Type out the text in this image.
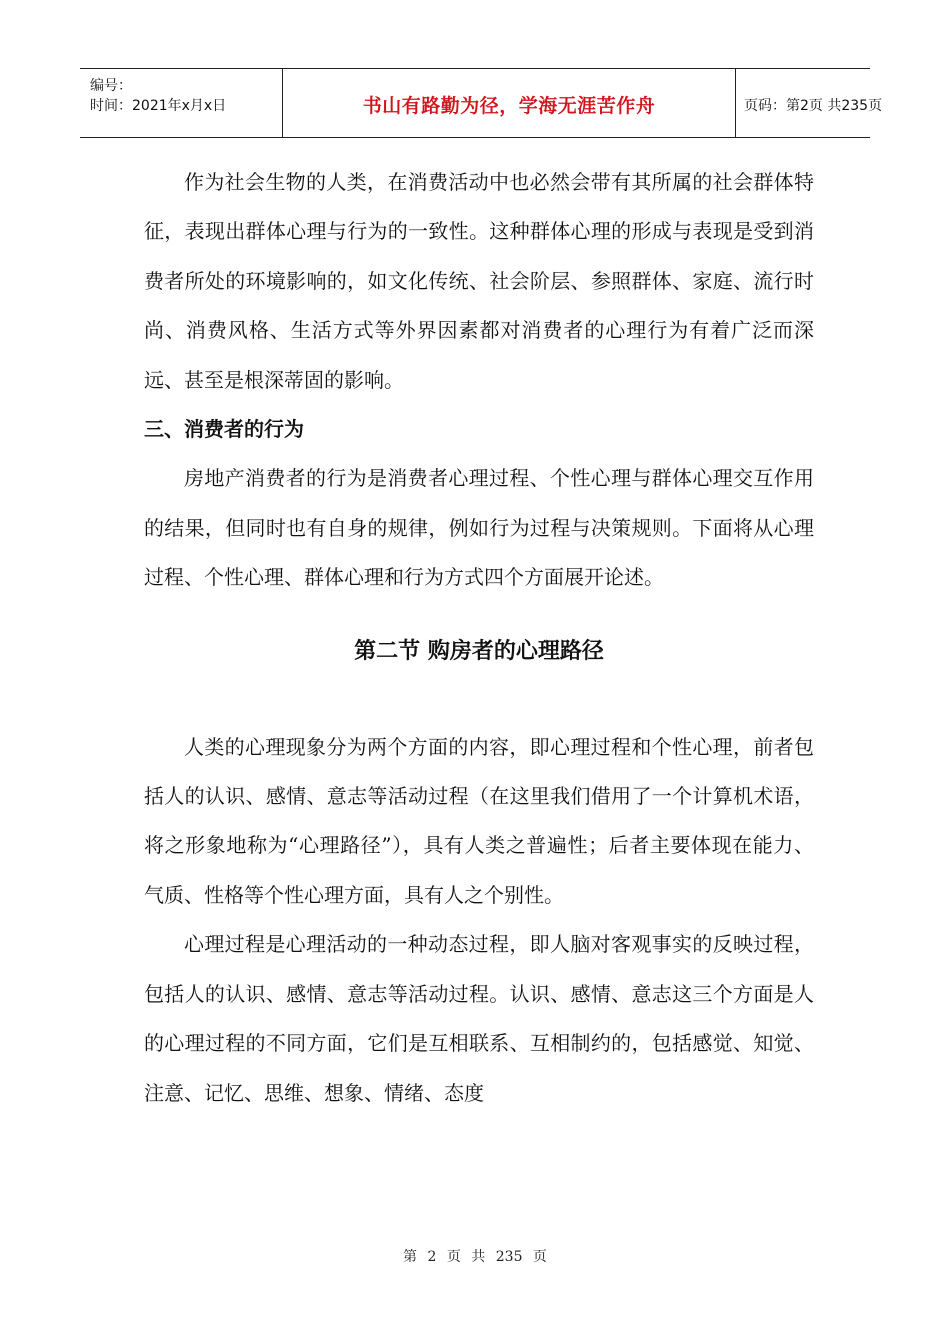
编号：
时间：2021年x月x日	书山有路勤为径，学海无涯苦作舟	页码：第2页 共235页

作为社会生物的人类，在消费活动中也必然会带有其所属的社会群体特征，表现出群体心理与行为的一致性。这种群体心理的形成与表现是受到消费者所处的环境影响的，如文化传统、社会阶层、参照群体、家庭、流行时尚、消费风格、生活方式等外界因素都对消费者的心理行为有着广泛而深远、甚至是根深蒂固的影响。

三、消费者的行为

房地产消费者的行为是消费者心理过程、个性心理与群体心理交互作用的结果，但同时也有自身的规律，例如行为过程与决策规则。下面将从心理过程、个性心理、群体心理和行为方式四个方面展开论述。

第二节 购房者的心理路径

人类的心理现象分为两个方面的内容，即心理过程和个性心理，前者包括人的认识、感情、意志等活动过程（在这里我们借用了一个计算机术语，将之形象地称为“心理路径”），具有人类之普遍性；后者主要体现在能力、气质、性格等个性心理方面，具有人之个别性。

心理过程是心理活动的一种动态过程，即人脑对客观事实的反映过程，包括人的认识、感情、意志等活动过程。认识、感情、意志这三个方面是人的心理过程的不同方面，它们是互相联系、互相制约的，包括感觉、知觉、注意、记忆、思维、想象、情绪、态度

第 2 页 共 235 页
